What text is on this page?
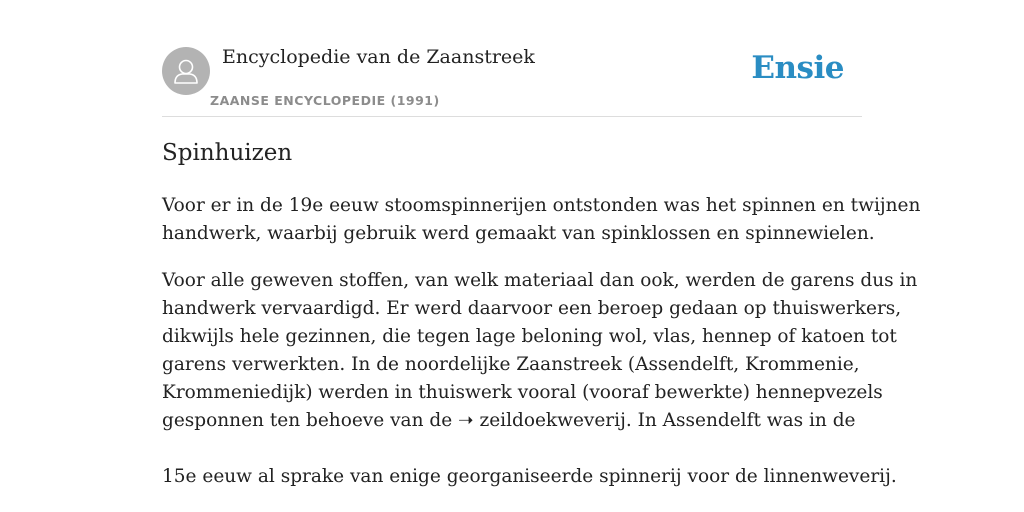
Encyclopedie van de Zaanstreek
ZAANSE ENCYCLOPEDIE (1991)
Ensie
Spinhuizen

Voor er in de 19e eeuw stoomspinnerijen ontstonden was het spinnen en twijnen
handwerk, waarbij gebruik werd gemaakt van spinklossen en spinnewielen.

Voor alle geweven stoffen, van welk materiaal dan ook, werden de garens dus in
handwerk vervaardigd. Er werd daarvoor een beroep gedaan op thuiswerkers,
dikwijls hele gezinnen, die tegen lage beloning wol, vlas, hennep of katoen tot
garens verwerkten. In de noordelijke Zaanstreek (Assendelft, Krommenie,
Krommeniedijk) werden in thuiswerk vooral (vooraf bewerkte) hennepvezels
gesponnen ten behoeve van de ➝ zeildoekweverij. In Assendelft was in de

15e eeuw al sprake van enige georganiseerde spinnerij voor de linnenweverij.
